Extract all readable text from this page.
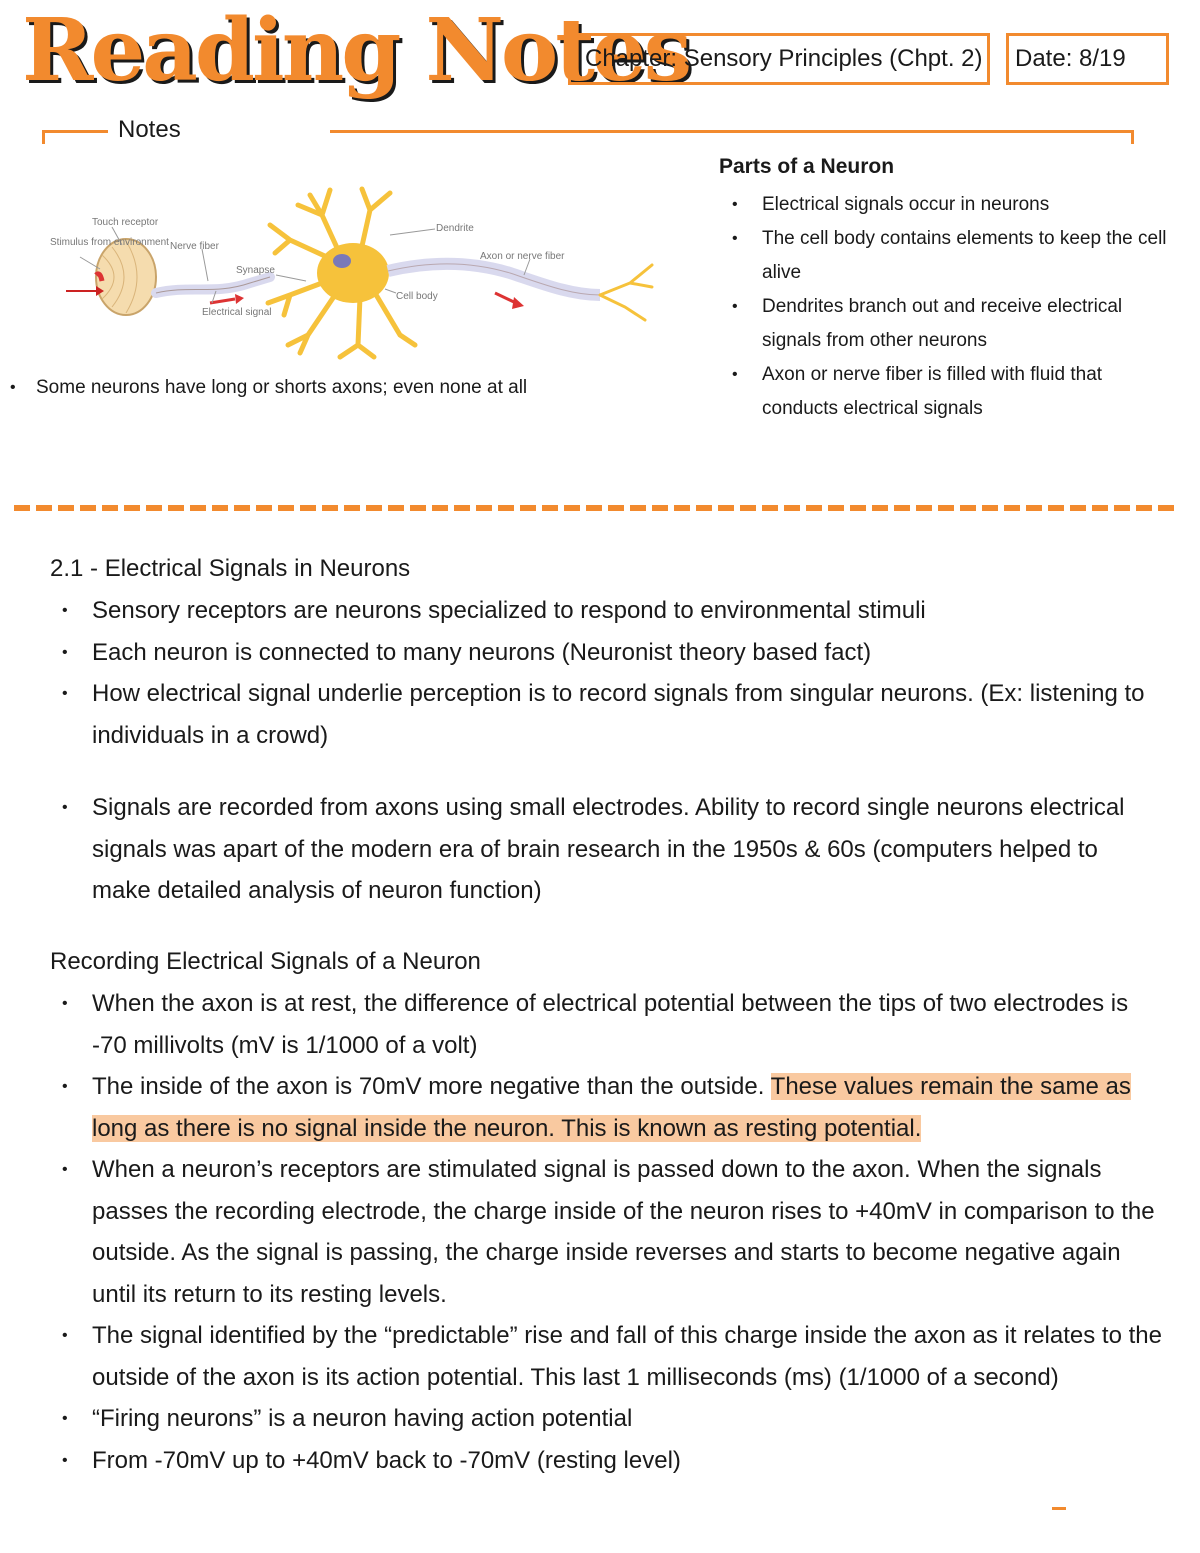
Reading Notes
Chapter: Sensory Principles (Chpt. 2)	Date: 8/19
Notes
Touch receptor
Stimulus from environment Nerve fiber
Synapse
Electrical signal
Dendrite
Axon or nerve fiber
Cell body
• Some neurons have long or shorts axons; even none at all
Parts of a Neuron
• Electrical signals occur in neurons
• The cell body contains elements to keep the cell alive
• Dendrites branch out and receive electrical signals from other neurons
• Axon or nerve fiber is filled with fluid that conducts electrical signals
2.1 - Electrical Signals in Neurons
• Sensory receptors are neurons specialized to respond to environmental stimuli
• Each neuron is connected to many neurons (Neuronist theory based fact)
• How electrical signal underlie perception is to record signals from singular neurons. (Ex: listening to individuals in a crowd)
• Signals are recorded from axons using small electrodes. Ability to record single neurons electrical signals was apart of the modern era of brain research in the 1950s & 60s (computers helped to make detailed analysis of neuron function)
Recording Electrical Signals of a Neuron
• When the axon is at rest, the difference of electrical potential between the tips of two electrodes is -70 millivolts (mV is 1/1000 of a volt)
• The inside of the axon is 70mV more negative than the outside. These values remain the same as long as there is no signal inside the neuron. This is known as resting potential.
• When a neuron’s receptors are stimulated signal is passed down to the axon. When the signals passes the recording electrode, the charge inside of the neuron rises to +40mV in comparison to the outside. As the signal is passing, the charge inside reverses and starts to become negative again until its return to its resting levels.
• The signal identified by the “predictable” rise and fall of this charge inside the axon as it relates to the outside of the axon is its action potential. This last 1 milliseconds (ms) (1/1000 of a second)
• “Firing neurons” is a neuron having action potential
• From -70mV up to +40mV back to -70mV (resting level)
